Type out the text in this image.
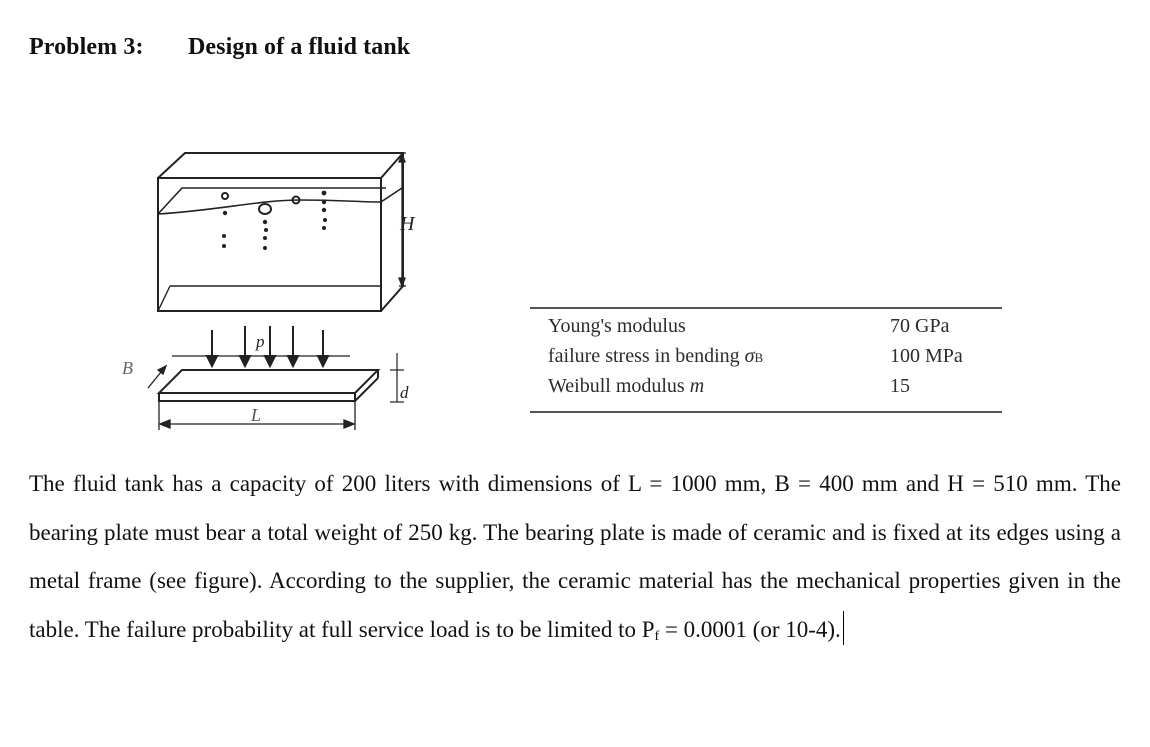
Problem 3: Design of a fluid tank
H
p
B
d
L
Young's modulus	70 GPa
failure stress in bending σB	100 MPa
Weibull modulus m	15

The fluid tank has a capacity of 200 liters with dimensions of L = 1000 mm, B = 400 mm and H = 510 mm. The bearing plate must bear a total weight of 250 kg. The bearing plate is made of ceramic and is fixed at its edges using a metal frame (see figure). According to the supplier, the ceramic material has the mechanical properties given in the table. The failure probability at full service load is to be limited to Pf = 0.0001 (or 10-4).
